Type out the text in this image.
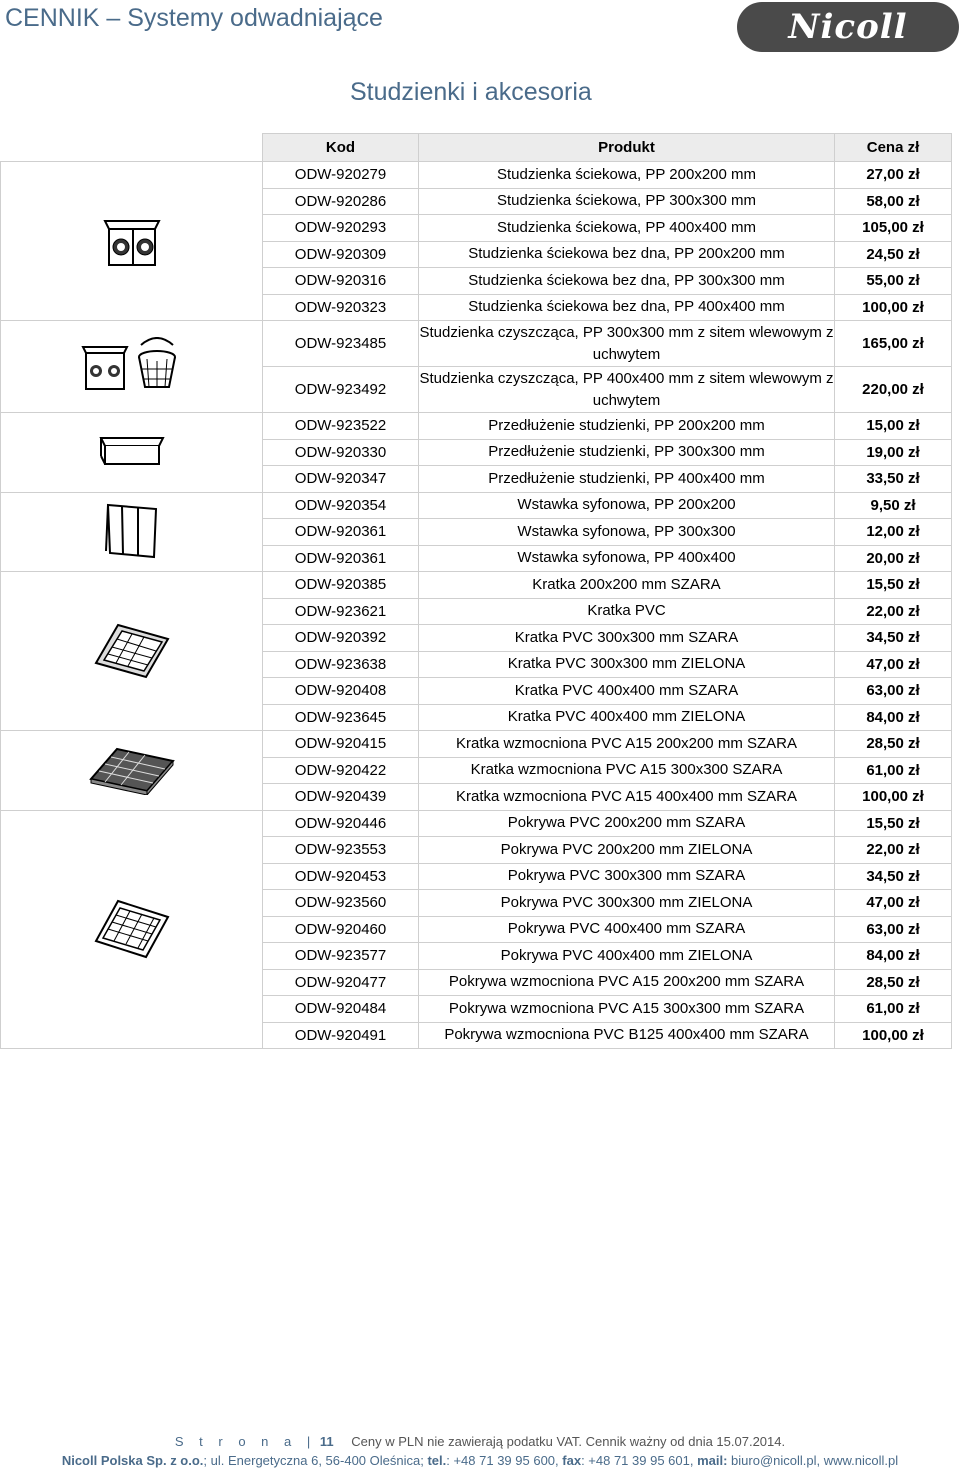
CENNIK – Systemy odwadniające	Nicoll
Studzienki i akcesoria
	Kod	Produkt	Cena zł

	ODW-920279	Studzienka ściekowa, PP 200x200 mm	27,00 zł
	ODW-920286	Studzienka ściekowa, PP 300x300 mm	58,00 zł
	ODW-920293	Studzienka ściekowa, PP 400x400 mm	105,00 zł
	ODW-920309	Studzienka ściekowa bez dna, PP 200x200 mm	24,50 zł
	ODW-920316	Studzienka ściekowa bez dna, PP 300x300 mm	55,00 zł
	ODW-920323	Studzienka ściekowa bez dna, PP 400x400 mm	100,00 zł

	ODW-923485	Studzienka czyszcząca, PP 300x300 mm z sitem wlewowym z uchwytem	165,00 zł
	ODW-923492	Studzienka czyszcząca, PP 400x400 mm z sitem wlewowym z uchwytem	220,00 zł

	ODW-923522	Przedłużenie studzienki, PP 200x200 mm	15,00 zł
	ODW-920330	Przedłużenie studzienki, PP 300x300 mm	19,00 zł
	ODW-920347	Przedłużenie studzienki, PP 400x400 mm	33,50 zł

	ODW-920354	Wstawka syfonowa, PP 200x200	9,50 zł
	ODW-920361	Wstawka syfonowa, PP 300x300	12,00 zł
	ODW-920361	Wstawka syfonowa, PP 400x400	20,00 zł

	ODW-920385	Kratka 200x200 mm SZARA	15,50 zł
	ODW-923621	Kratka PVC	22,00 zł
	ODW-920392	Kratka PVC 300x300 mm SZARA	34,50 zł
	ODW-923638	Kratka PVC 300x300 mm ZIELONA	47,00 zł
	ODW-920408	Kratka PVC 400x400 mm SZARA	63,00 zł
	ODW-923645	Kratka PVC 400x400 mm ZIELONA	84,00 zł

	ODW-920415	Kratka wzmocniona PVC A15 200x200 mm SZARA	28,50 zł
	ODW-920422	Kratka wzmocniona PVC A15 300x300 SZARA	61,00 zł
	ODW-920439	Kratka wzmocniona PVC A15 400x400 mm SZARA	100,00 zł

	ODW-920446	Pokrywa PVC 200x200 mm SZARA	15,50 zł
	ODW-923553	Pokrywa PVC 200x200 mm ZIELONA	22,00 zł
	ODW-920453	Pokrywa PVC 300x300 mm SZARA	34,50 zł
	ODW-923560	Pokrywa PVC 300x300 mm ZIELONA	47,00 zł
	ODW-920460	Pokrywa PVC 400x400 mm SZARA	63,00 zł
	ODW-923577	Pokrywa PVC 400x400 mm ZIELONA	84,00 zł
	ODW-920477	Pokrywa wzmocniona PVC A15 200x200 mm SZARA	28,50 zł
	ODW-920484	Pokrywa wzmocniona PVC A15 300x300 mm SZARA	61,00 zł
	ODW-920491	Pokrywa wzmocniona PVC B125 400x400 mm SZARA	100,00 zł
S t r o n a | 11 Ceny w PLN nie zawierają podatku VAT. Cennik ważny od dnia 15.07.2014.
Nicoll Polska Sp. z o.o.; ul. Energetyczna 6, 56-400 Oleśnica; tel.: +48 71 39 95 600, fax: +48 71 39 95 601, mail: biuro@nicoll.pl, www.nicoll.pl
